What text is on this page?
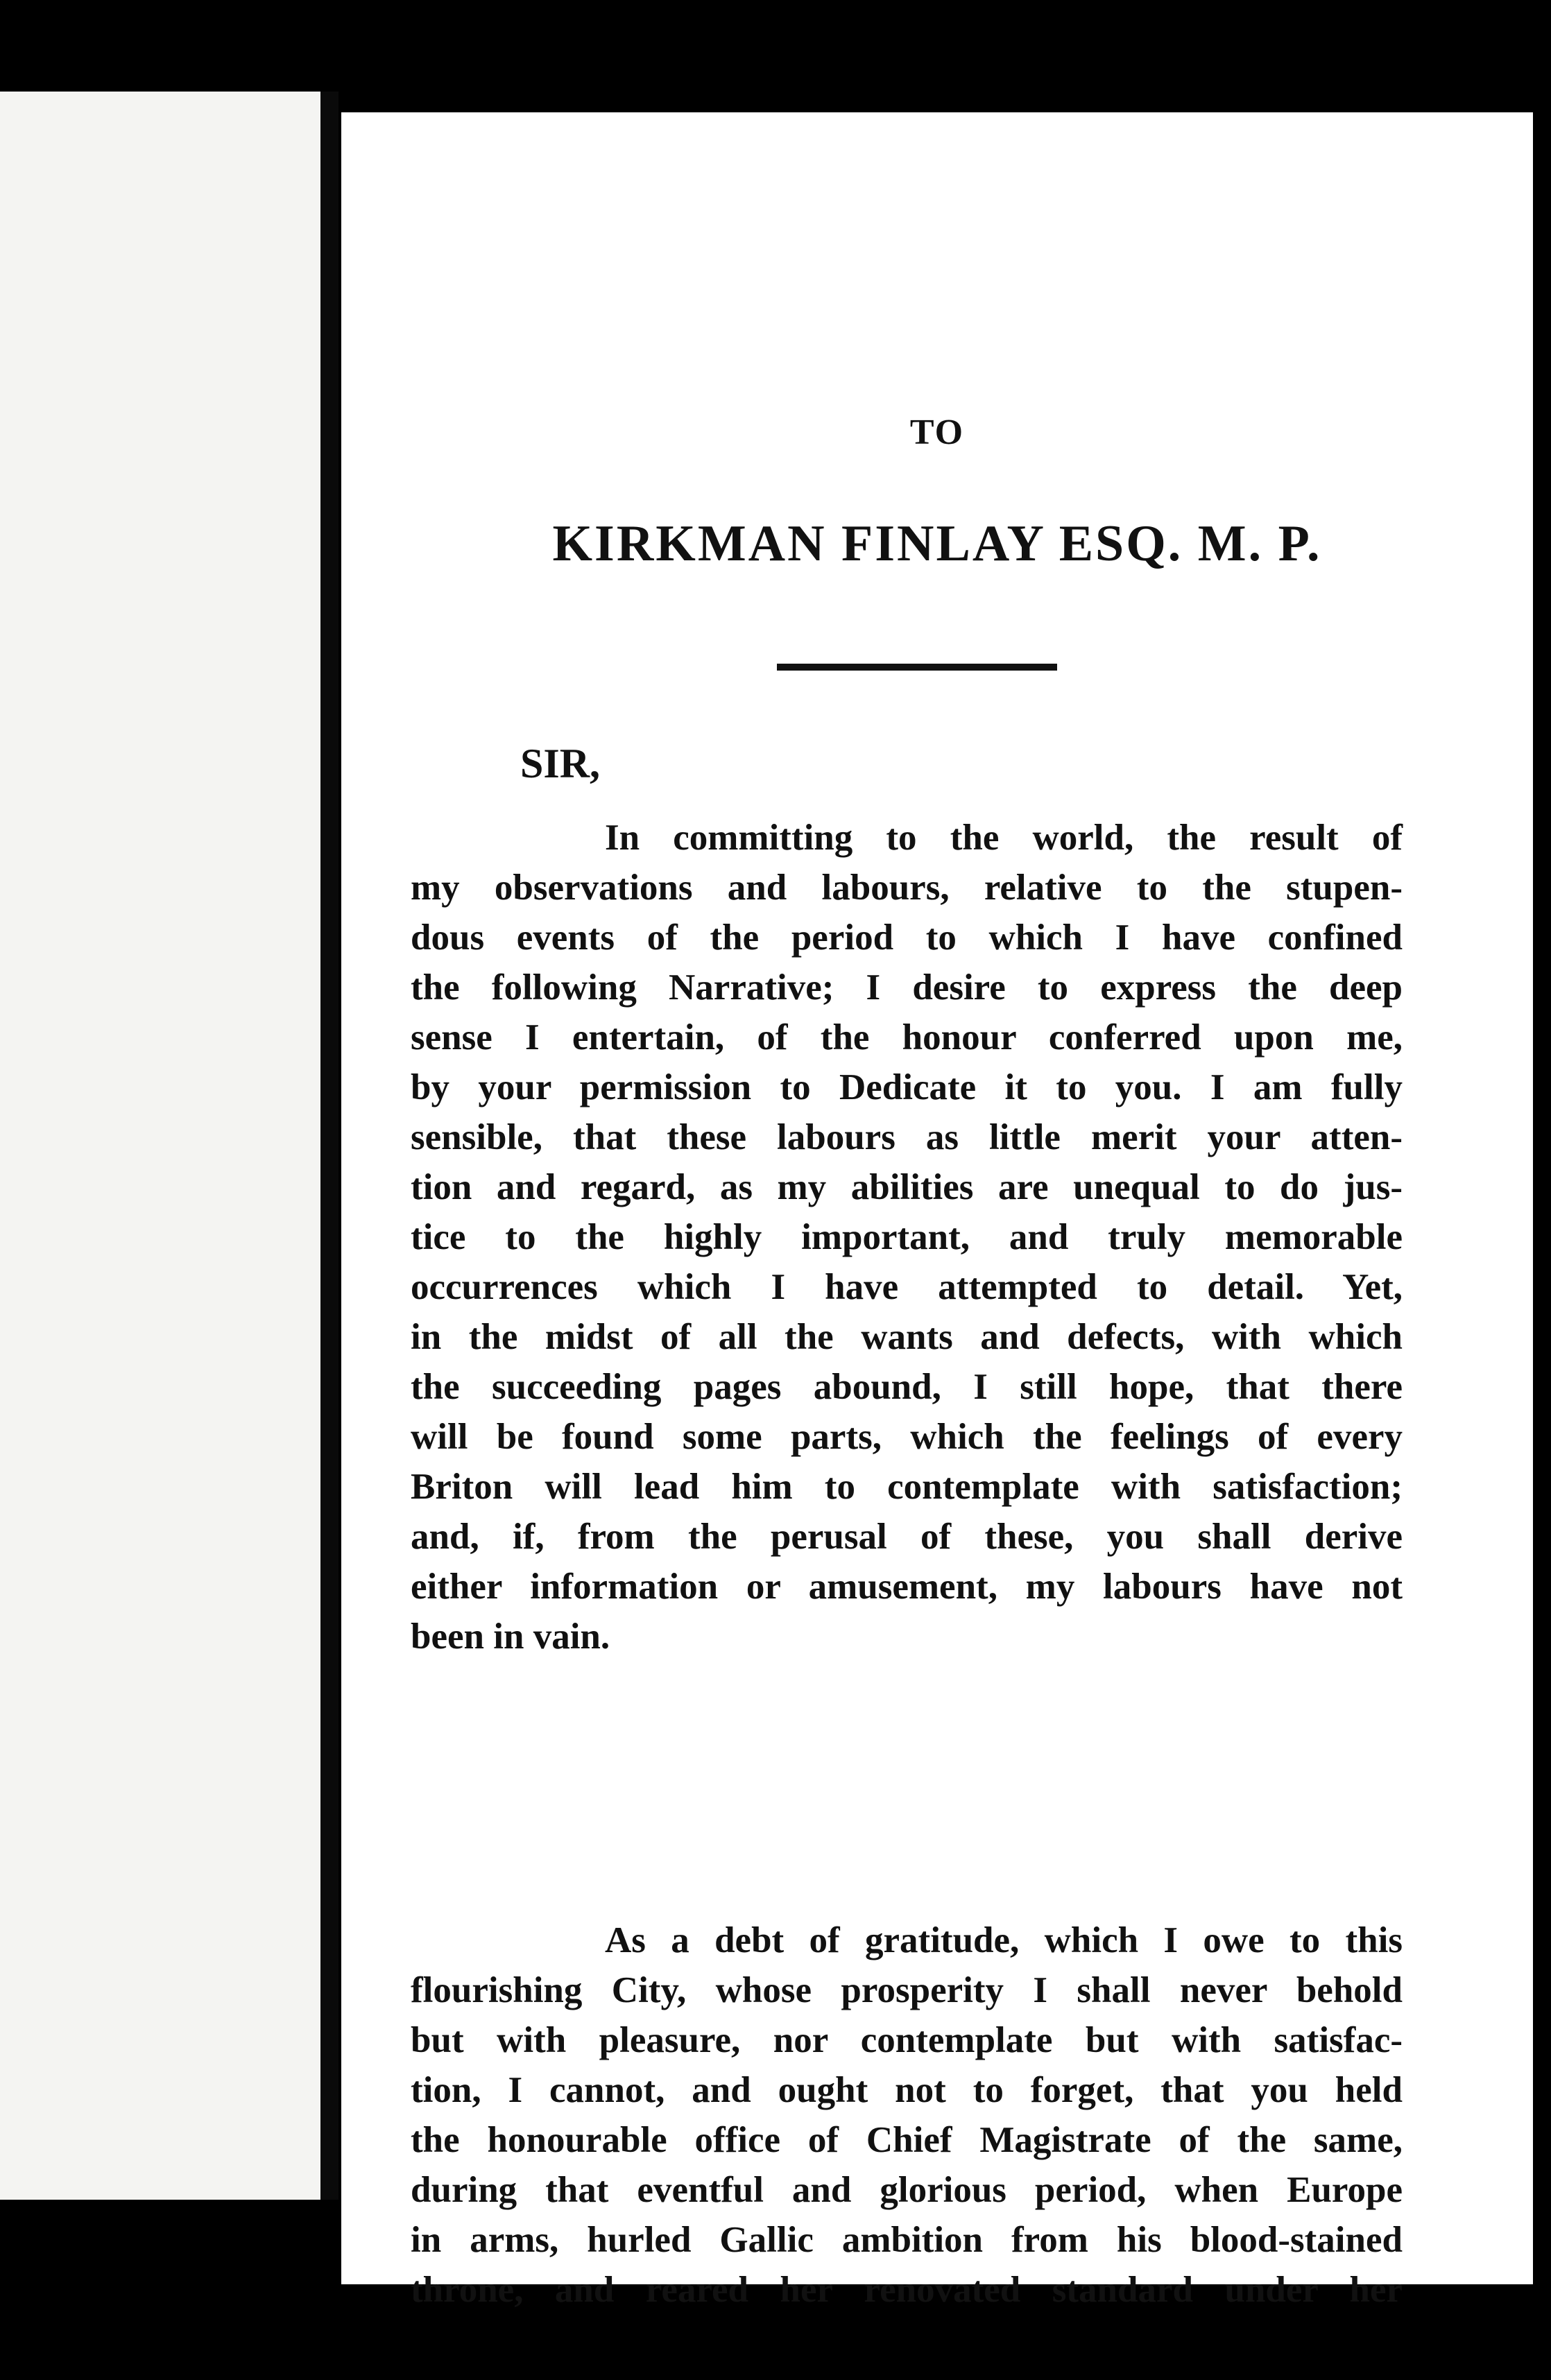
TO
KIRKMAN FINLAY ESQ. M. P.
SIR,
In committing to the world, the result of
my observations and labours, relative to the stupen-
dous events of the period to which I have confined
the following Narrative; I desire to express the deep
sense I entertain, of the honour conferred upon me,
by your permission to Dedicate it to you. I am fully
sensible, that these labours as little merit your atten-
tion and regard, as my abilities are unequal to do jus-
tice to the highly important, and truly memorable
occurrences which I have attempted to detail. Yet,
in the midst of all the wants and defects, with which
the succeeding pages abound, I still hope, that there
will be found some parts, which the feelings of every
Briton will lead him to contemplate with satisfaction;
and, if, from the perusal of these, you shall derive
either information or amusement, my labours have not
been in vain.
As a debt of gratitude, which I owe to this
flourishing City, whose prosperity I shall never behold
but with pleasure, nor contemplate but with satisfac-
tion, I cannot, and ought not to forget, that you held
the honourable office of Chief Magistrate of the same,
during that eventful and glorious period, when Europe
in arms, hurled Gallic ambition from his blood-stained
throne, and reared her renovated standard under her
